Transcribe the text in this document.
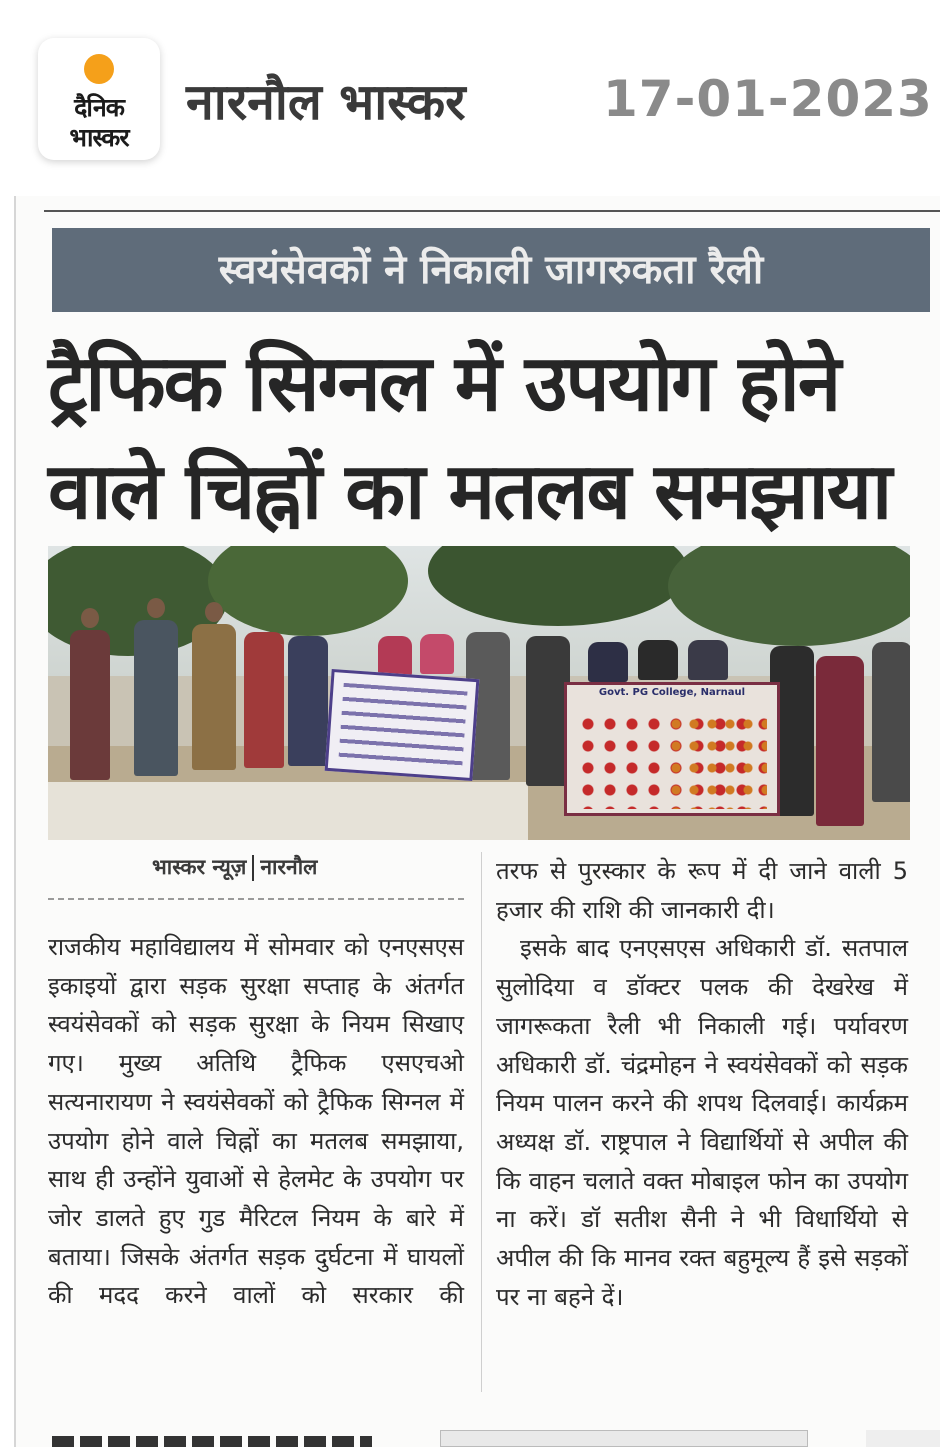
दैनिक
भास्कर
नारनौल भास्कर	17-01-2023
स्वयंसेवकों ने निकाली जागरुकता रैली
ट्रैफिक सिग्नल में उपयोग होने
वाले चिह्नों का मतलब समझाया
Govt. PG College, Narnaul
भास्कर न्यूज़ नारनौल

राजकीय महाविद्यालय में सोमवार को एनएसएस इकाइयों द्वारा सड़क सुरक्षा सप्ताह के अंतर्गत स्वयंसेवकों को सड़क सुरक्षा के नियम सिखाए गए। मुख्य अतिथि ट्रैफिक एसएचओ सत्यनारायण ने स्वयंसेवकों को ट्रैफिक सिग्नल में उपयोग होने वाले चिह्नों का मतलब समझाया, साथ ही उन्होंने युवाओं से हेलमेट के उपयोग पर जोर डालते हुए गुड मैरिटल नियम के बारे में बताया। जिसके अंतर्गत सड़क दुर्घटना में घायलों की मदद करने वालों को सरकार की

तरफ से पुरस्कार के रूप में दी जाने वाली 5 हजार की राशि की जानकारी दी।

इसके बाद एनएसएस अधिकारी डॉ. सतपाल सुलोदिया व डॉक्टर पलक की देखरेख में जागरूकता रैली भी निकाली गई। पर्यावरण अधिकारी डॉ. चंद्रमोहन ने स्वयंसेवकों को सड़क नियम पालन करने की शपथ दिलवाई। कार्यक्रम अध्यक्ष डॉ. राष्ट्रपाल ने विद्यार्थियों से अपील की कि वाहन चलाते वक्त मोबाइल फोन का उपयोग ना करें। डॉ सतीश सैनी ने भी विधार्थियो से अपील की कि मानव रक्त बहुमूल्य हैं इसे सड़कों पर ना बहने दें।
